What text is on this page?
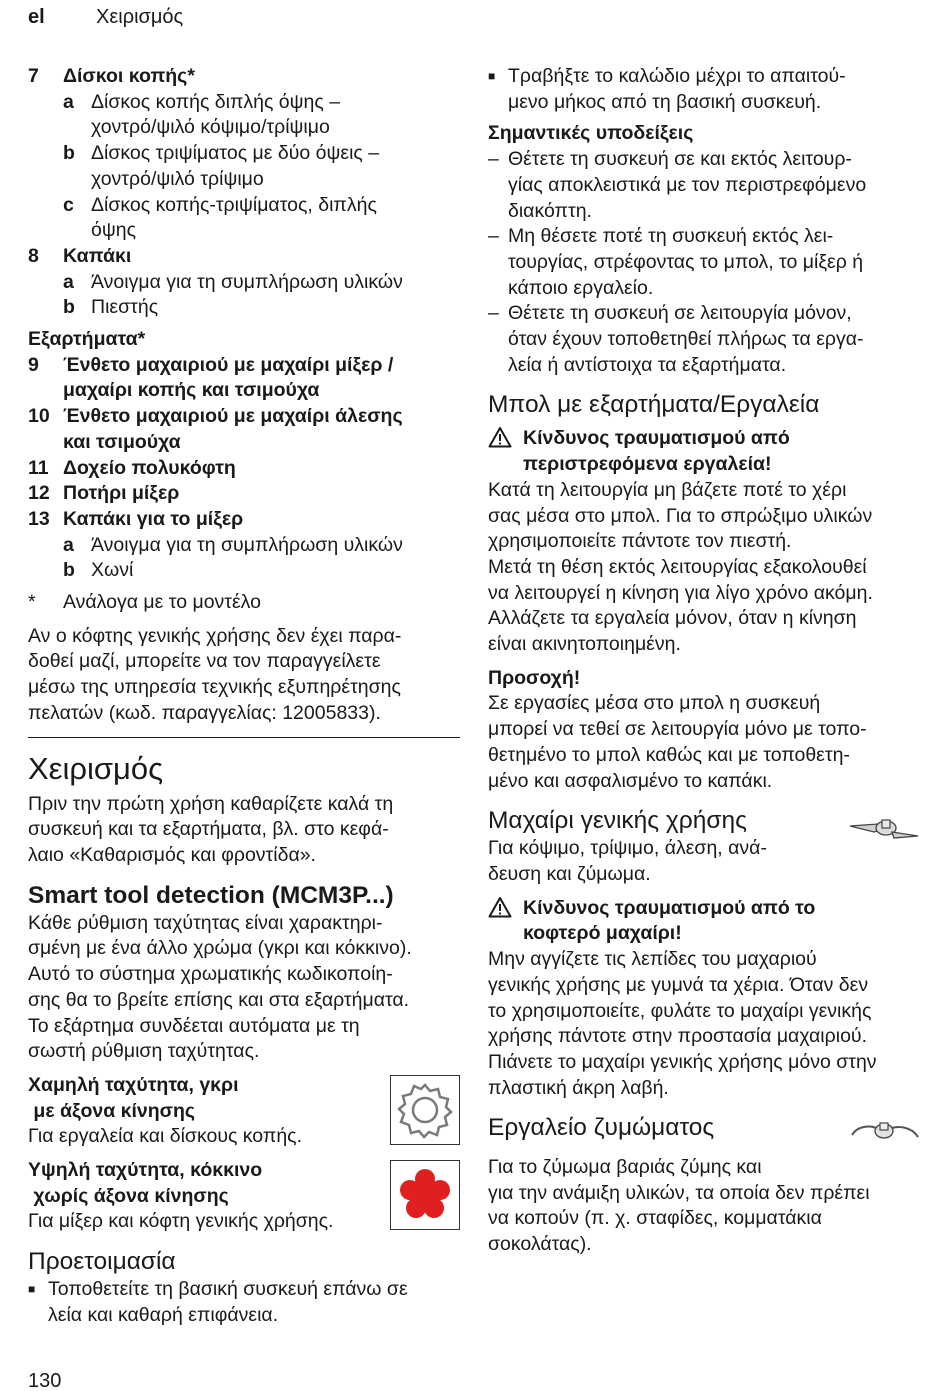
el	Χειρισμός
7	Δίσκοι κοπής*
a Δίσκος κοπής διπλής όψης –
χοντρό/ψιλό κόψιμο/τρίψιμο
b Δίσκος τριψίματος με δύο όψεις –
χοντρό/ψιλό τρίψιμο
c Δίσκος κοπής-τριψίματος, διπλής
όψης
8	Καπάκι
a Άνοιγμα για τη συμπλήρωση υλικών
b Πιεστής
Εξαρτήματα*
9	Ένθετο μαχαιριού με μαχαίρι μίξερ /
μαχαίρι κοπής και τσιμούχα
10 Ένθετο μαχαιριού με μαχαίρι άλεσης
και τσιμούχα
11 Δοχείο πολυκόφτη
12 Ποτήρι μίξερ
13 Καπάκι για το μίξερ
a Άνοιγμα για τη συμπλήρωση υλικών
b Χωνί
*	Ανάλογα με το μοντέλο
Αν ο κόφτης γενικής χρήσης δεν έχει παρα-
δοθεί μαζί, μπορείτε να τον παραγγείλετε
μέσω της υπηρεσία τεχνικής εξυπηρέτησης
πελατών (κωδ. παραγγελίας: 12005833).
Χειρισμός
Πριν την πρώτη χρήση καθαρίζετε καλά τη
συσκευή και τα εξαρτήματα, βλ. στο κεφά-
λαιο «Καθαρισμός και φροντίδα».
Smart tool detection (MCM3P...)
Κάθε ρύθμιση ταχύτητας είναι χαρακτηρι-
σμένη με ένα άλλο χρώμα (γκρι και κόκκινο).
Αυτό το σύστημα χρωματικής κωδικοποίη-
σης θα το βρείτε επίσης και στα εξαρτήματα.
Το εξάρτημα συνδέεται αυτόματα με τη
σωστή ρύθμιση ταχύτητας.
Χαμηλή ταχύτητα, γκρι
με άξονα κίνησης
Για εργαλεία και δίσκους κοπής.
Υψηλή ταχύτητα, κόκκινο
χωρίς άξονα κίνησης
Για μίξερ και κόφτη γενικής χρήσης.
Προετοιμασία
■ Τοποθετείτε τη βασική συσκευή επάνω σε
λεία και καθαρή επιφάνεια.
■ Τραβήξτε το καλώδιο μέχρι το απαιτού-
μενο μήκος από τη βασική συσκευή.
Σημαντικές υποδείξεις
– Θέτετε τη συσκευή σε και εκτός λειτουρ-
γίας αποκλειστικά με τον περιστρεφόμενο
διακόπτη.
– Μη θέσετε ποτέ τη συσκευή εκτός λει-
τουργίας, στρέφοντας το μπολ, το μίξερ ή
κάποιο εργαλείο.
– Θέτετε τη συσκευή σε λειτουργία μόνον,
όταν έχουν τοποθετηθεί πλήρως τα εργα-
λεία ή αντίστοιχα τα εξαρτήματα.
Μπολ με εξαρτήματα/Εργαλεία
Κίνδυνος τραυματισμού από
περιστρεφόμενα εργαλεία!
Κατά τη λειτουργία μη βάζετε ποτέ το χέρι
σας μέσα στο μπολ. Για το σπρώξιμο υλικών
χρησιμοποιείτε πάντοτε τον πιεστή.
Μετά τη θέση εκτός λειτουργίας εξακολουθεί
να λειτουργεί η κίνηση για λίγο χρόνο ακόμη.
Αλλάζετε τα εργαλεία μόνον, όταν η κίνηση
είναι ακινητοποιημένη.
Προσοχή!
Σε εργασίες μέσα στο μπολ η συσκευή
μπορεί να τεθεί σε λειτουργία μόνο με τοπο-
θετημένο το μπολ καθώς και με τοποθετη-
μένο και ασφαλισμένο το καπάκι.
Μαχαίρι γενικής χρήσης
Για κόψιμο, τρίψιμο, άλεση, ανά-
δευση και ζύμωμα.
Κίνδυνος τραυματισμού από το
κοφτερό μαχαίρι!
Μην αγγίζετε τις λεπίδες του μαχαριού
γενικής χρήσης με γυμνά τα χέρια. Όταν δεν
το χρησιμοποιείτε, φυλάτε το μαχαίρι γενικής
χρήσης πάντοτε στην προστασία μαχαιριού.
Πιάνετε το μαχαίρι γενικής χρήσης μόνο στην
πλαστική άκρη λαβή.
Εργαλείο ζυμώματος
Για το ζύμωμα βαριάς ζύμης και
για την ανάμιξη υλικών, τα οποία δεν πρέπει
να κοπούν (π. χ. σταφίδες, κομματάκια
σοκολάτας).
130
